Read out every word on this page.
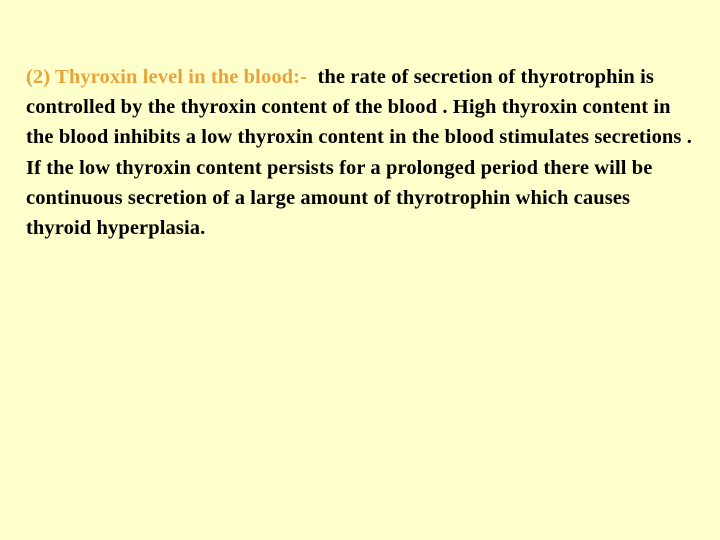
(2) Thyroxin level in the blood:- the rate of secretion of thyrotrophin is controlled by the thyroxin content of the blood . High thyroxin content in the blood inhibits a low thyroxin content in the blood stimulates secretions . If the low thyroxin content persists for a prolonged period there will be continuous secretion of a large amount of thyrotrophin which causes thyroid hyperplasia.
